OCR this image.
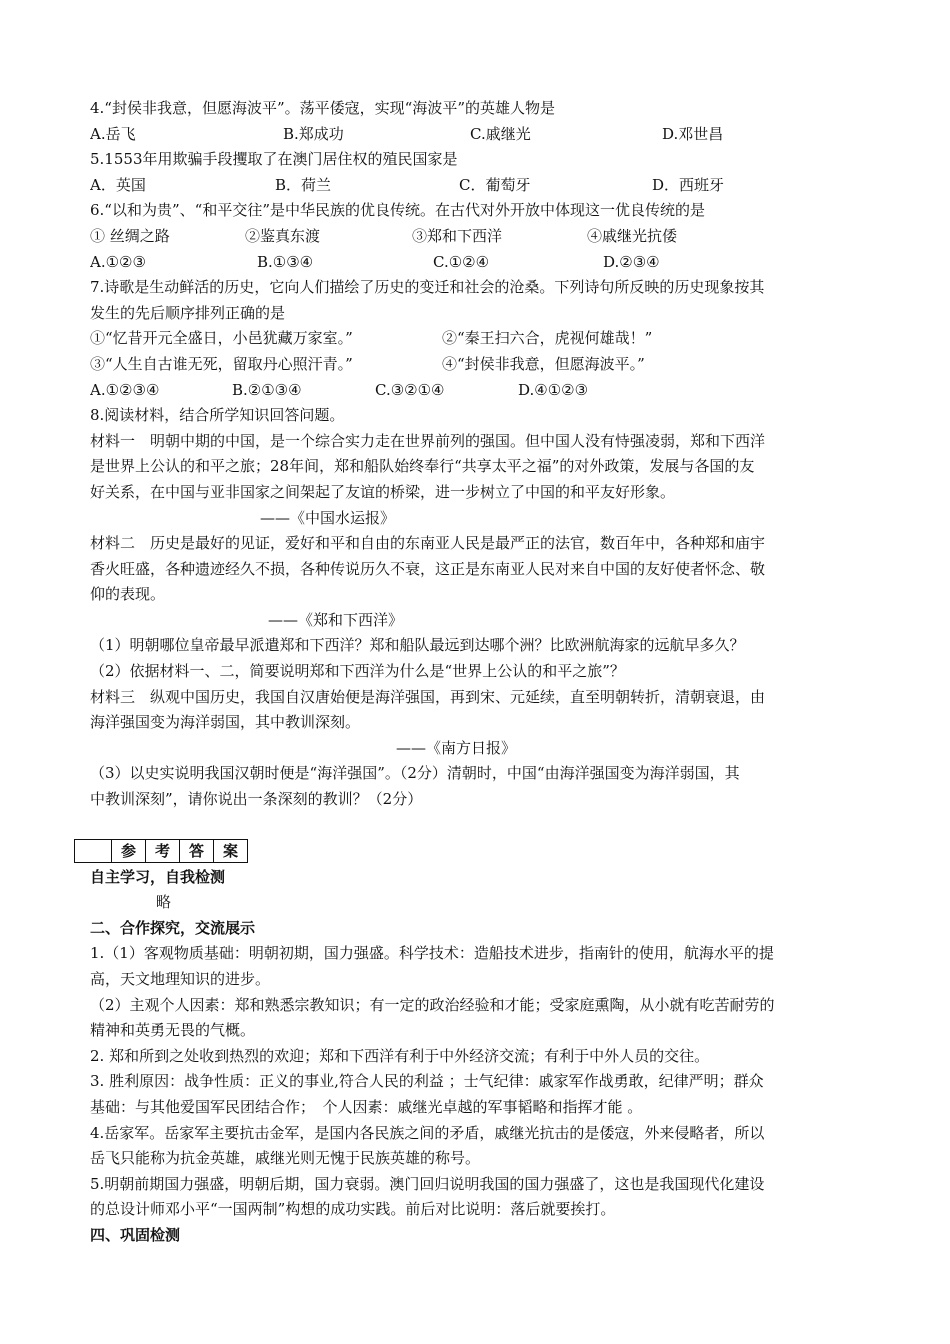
4.“封侯非我意，但愿海波平”。荡平倭寇，实现“海波平”的英雄人物是
A.岳飞	B.郑成功	C.戚继光	D.邓世昌
5.1553年用欺骗手段攫取了在澳门居住权的殖民国家是
A．英国	B．荷兰	C．葡萄牙	D．西班牙
6.“以和为贵”、“和平交往”是中华民族的优良传统。在古代对外开放中体现这一优良传统的是
① 丝绸之路	②鉴真东渡	③郑和下西洋	④戚继光抗倭
A.①②③	B.①③④	C.①②④	D.②③④
7.诗歌是生动鲜活的历史，它向人们描绘了历史的变迁和社会的沧桑。下列诗句所反映的历史现象按其
发生的先后顺序排列正确的是
①“忆昔开元全盛日，小邑犹藏万家室。”	②“秦王扫六合，虎视何雄哉！”
③“人生自古谁无死，留取丹心照汗青。”	④“封侯非我意，但愿海波平。”
A.①②③④	B.②①③④	C.③②①④	D.④①②③
8.阅读材料，结合所学知识回答问题。
材料一　明朝中期的中国，是一个综合实力走在世界前列的强国。但中国人没有恃强凌弱，郑和下西洋
是世界上公认的和平之旅；28年间，郑和船队始终奉行“共享太平之福”的对外政策，发展与各国的友
好关系，在中国与亚非国家之间架起了友谊的桥梁，进一步树立了中国的和平友好形象。
——《中国水运报》
材料二　历史是最好的见证，爱好和平和自由的东南亚人民是最严正的法官，数百年中，各种郑和庙宇
香火旺盛，各种遗迹经久不损，各种传说历久不衰，这正是东南亚人民对来自中国的友好使者怀念、敬
仰的表现。
——《郑和下西洋》
（1）明朝哪位皇帝最早派遣郑和下西洋？郑和船队最远到达哪个洲？比欧洲航海家的远航早多久？
（2）依据材料一、二，简要说明郑和下西洋为什么是“世界上公认的和平之旅”？
材料三　纵观中国历史，我国自汉唐始便是海洋强国，再到宋、元延续，直至明朝转折，清朝衰退，由
海洋强国变为海洋弱国，其中教训深刻。
——《南方日报》
（3）以史实说明我国汉朝时便是“海洋强国”。（2分）清朝时，中国“由海洋强国变为海洋弱国，其
中教训深刻”，请你说出一条深刻的教训？（2分）
	参	考	答	案
自主学习，自我检测
略
二、合作探究，交流展示
1.（1）客观物质基础：明朝初期，国力强盛。科学技术：造船技术进步，指南针的使用，航海水平的提
高，天文地理知识的进步。
（2）主观个人因素：郑和熟悉宗教知识；有一定的政治经验和才能；受家庭熏陶，从小就有吃苦耐劳的
精神和英勇无畏的气概。
2. 郑和所到之处收到热烈的欢迎；郑和下西洋有利于中外经济交流；有利于中外人员的交往。
3. 胜利原因：战争性质：正义的事业,符合人民的利益 ；士气纪律：戚家军作战勇敢，纪律严明；群众
基础：与其他爱国军民团结合作；　个人因素：戚继光卓越的军事韬略和指挥才能 。
4.岳家军。岳家军主要抗击金军，是国内各民族之间的矛盾，戚继光抗击的是倭寇，外来侵略者，所以
岳飞只能称为抗金英雄，戚继光则无愧于民族英雄的称号。
5.明朝前期国力强盛，明朝后期，国力衰弱。澳门回归说明我国的国力强盛了，这也是我国现代化建设
的总设计师邓小平“一国两制”构想的成功实践。前后对比说明：落后就要挨打。
四、巩固检测
